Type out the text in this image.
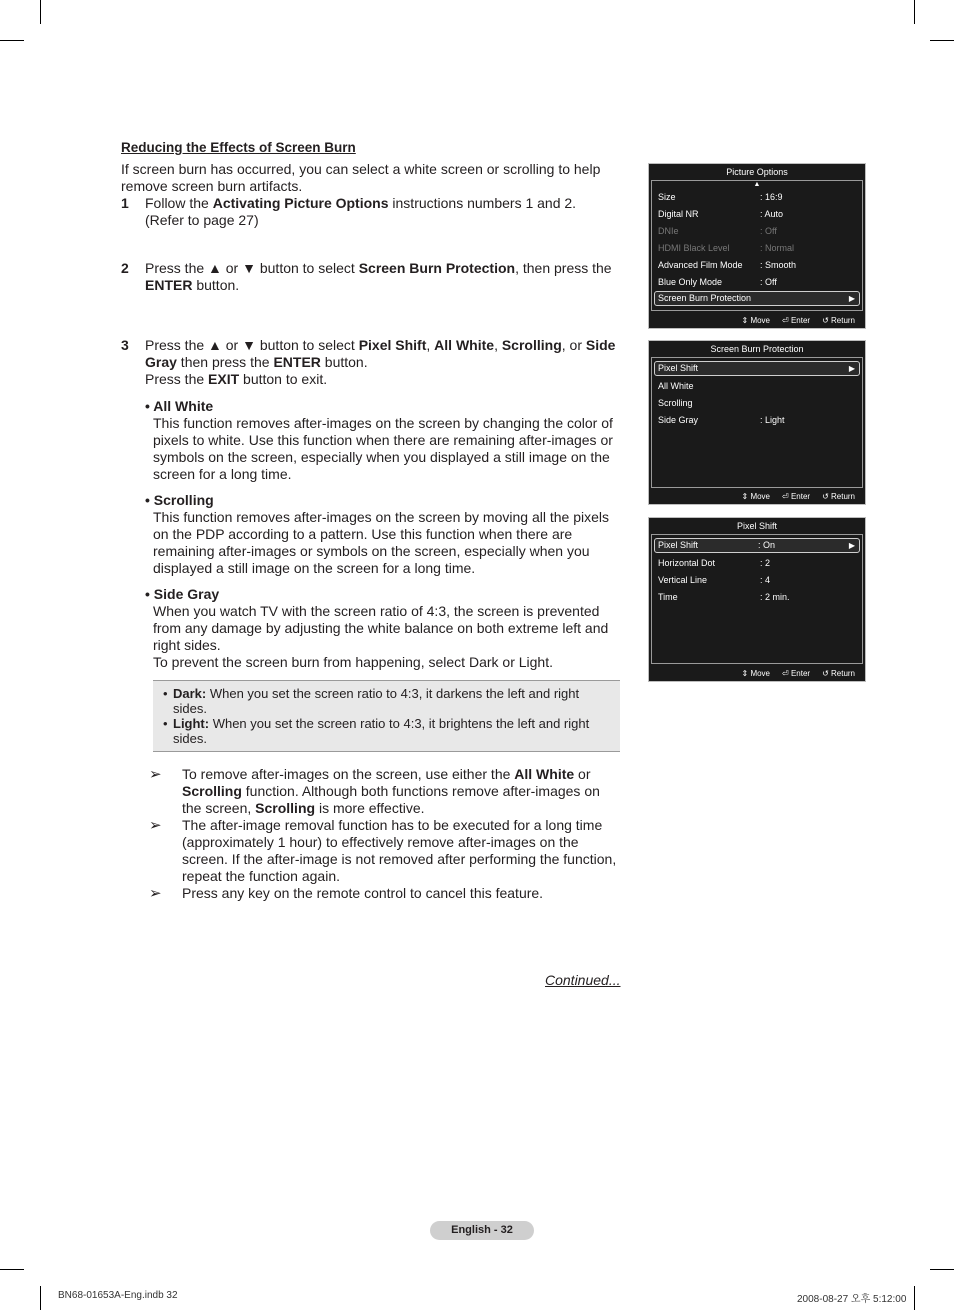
Reducing the Effects of Screen Burn

If screen burn has occurred, you can select a white screen or scrolling to help remove screen burn artifacts.
1 Follow the Activating Picture Options instructions numbers 1 and 2.
(Refer to page 27)
2 Press the ▲ or ▼ button to select Screen Burn Protection, then press the ENTER button.
3 Press the ▲ or ▼ button to select Pixel Shift, All White, Scrolling, or Side Gray then press the ENTER button.
Press the EXIT button to exit.
• All White
This function removes after-images on the screen by changing the color of pixels to white. Use this function when there are remaining after-images or symbols on the screen, especially when you displayed a still image on the screen for a long time.
• Scrolling
This function removes after-images on the screen by moving all the pixels on the PDP according to a pattern. Use this function when there are remaining after-images or symbols on the screen, especially when you displayed a still image on the screen for a long time.
• Side Gray
When you watch TV with the screen ratio of 4:3, the screen is prevented from any damage by adjusting the white balance on both extreme left and right sides.
To prevent the screen burn from happening, select Dark or Light.
• Dark: When you set the screen ratio to 4:3, it darkens the left and right sides.
• Light: When you set the screen ratio to 4:3, it brightens the left and right sides.
➢ To remove after-images on the screen, use either the All White or Scrolling function. Although both functions remove after-images on the screen, Scrolling is more effective.
➢ The after-image removal function has to be executed for a long time (approximately 1 hour) to effectively remove after-images on the screen. If the after-image is not removed after performing the function, repeat the function again.
➢ Press any key on the remote control to cancel this feature.
Continued...
Picture Options
▲
Size	: 16:9
Digital NR	: Auto
DNIe	: Off
HDMI Black Level	: Normal
Advanced Film Mode : Smooth
Blue Only Mode	: Off
Screen Burn Protection	▶
⇕ Move ⏎ Enter ↺ Return
Screen Burn Protection
Pixel Shift	▶
All White
Scrolling
Side Gray	: Light
⇕ Move ⏎ Enter ↺ Return
Pixel Shift
Pixel Shift	: On	▶
Horizontal Dot	: 2
Vertical Line	: 4
Time	: 2 min.
⇕ Move ⏎ Enter ↺ Return
English - 32
BN68-01653A-Eng.indb 32	2008-08-27 오후 5:12:00
